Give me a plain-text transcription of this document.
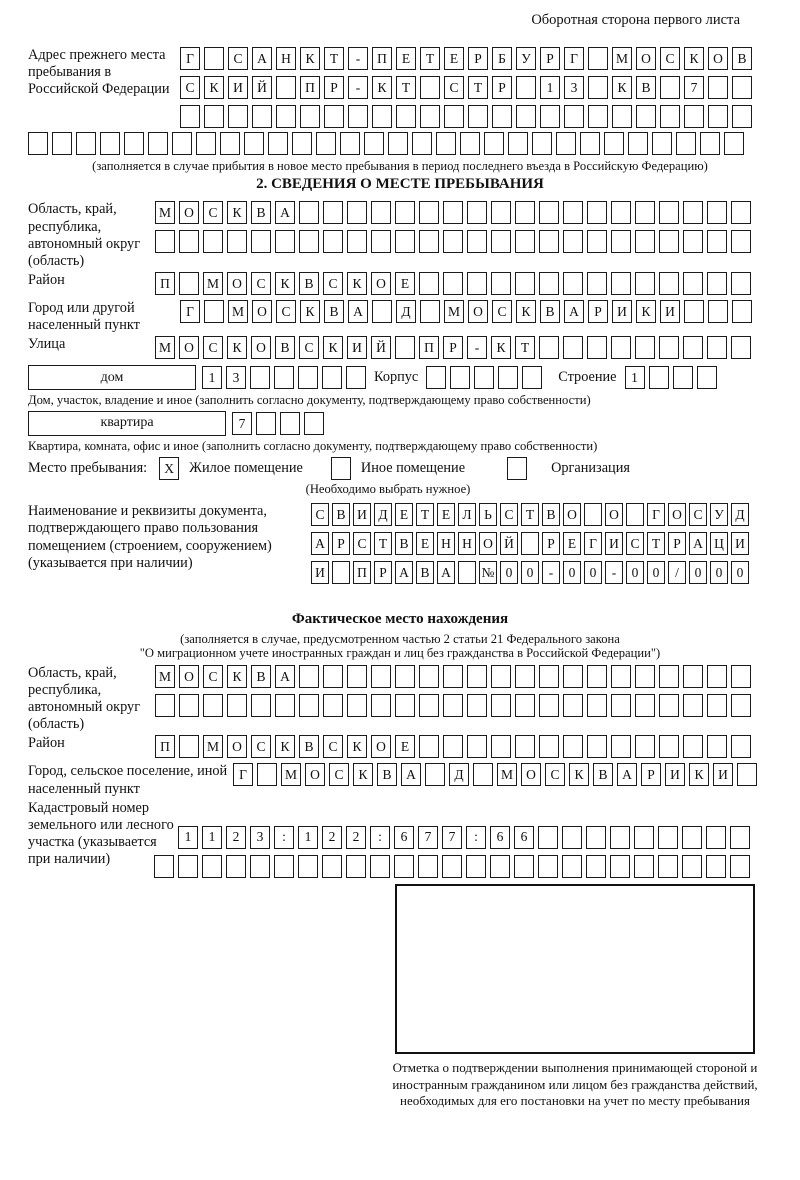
Оборотная сторона первого листа
Адрес прежнего места пребывания в Российской Федерации
Г	С	А	Н	К	Т	-	П	Е	Т	Е	Р	Б	У	Р	Г	М О	С	К	О	В
С	К	И	Й	П	Р	-	К	Т	С	Т	Р	1	3	К	В	7
(заполняется в случае прибытия в новое место пребывания в период последнего въезда в Российскую Федерацию)
2. СВЕДЕНИЯ О МЕСТЕ ПРЕБЫВАНИЯ
Область, край, республика, автономный округ (область)
М О	С	К	В	А
Район	П	М О	С	К	В	С	К	О	Е
Город или другой населенный пункт
Г	М О	С	К	В	А	Д	М О	С	К	В	А	Р	И	К	И
Улица	М О	С	К	О	В	С	К	И	Й	П	Р	-	К	Т
дом	1	3	Корпус	Строение	1
Дом, участок, владение и иное (заполнить согласно документу, подтверждающему право собственности)
квартира	7
Квартира, комната, офис и иное (заполнить согласно документу, подтверждающему право собственности)
Место пребывания:	X	Жилое помещение	Иное помещение	Организация
(Необходимо выбрать нужное)
Наименование и реквизиты документа, подтверждающего право пользования помещением (строением, сооружением) (указывается при наличии)
С В И Д Е Т Е Л Ь С Т В О	О	Г О С У Д
А Р С Т В Е Н Н О Й	Р Е Г И С Т Р А Ц И
И	П Р А В А	№ 0	0	-	0	0	-	0	0	/	0	0	0
Фактическое место нахождения
(заполняется в случае, предусмотренном частью 2 статьи 21 Федерального закона
"О миграционном учете иностранных граждан и лиц без гражданства в Российской Федерации")
Область, край, республика, автономный округ (область)
М О	С	К	В	А
Район	П	М О	С	К	В	С	К	О	Е
Город, сельское поселение, иной населенный пункт
Г	М О	С	К	В	А	Д	М О	С	К	В	А	Р	И	К	И
Кадастровый номер земельного или лесного участка (указывается при наличии)
1	1	2	3	:	1	2	2	:	6	7	7	:	6	6
Отметка о подтверждении выполнения принимающей стороной и иностранным гражданином или лицом без гражданства действий, необходимых для его постановки на учет по месту пребывания
